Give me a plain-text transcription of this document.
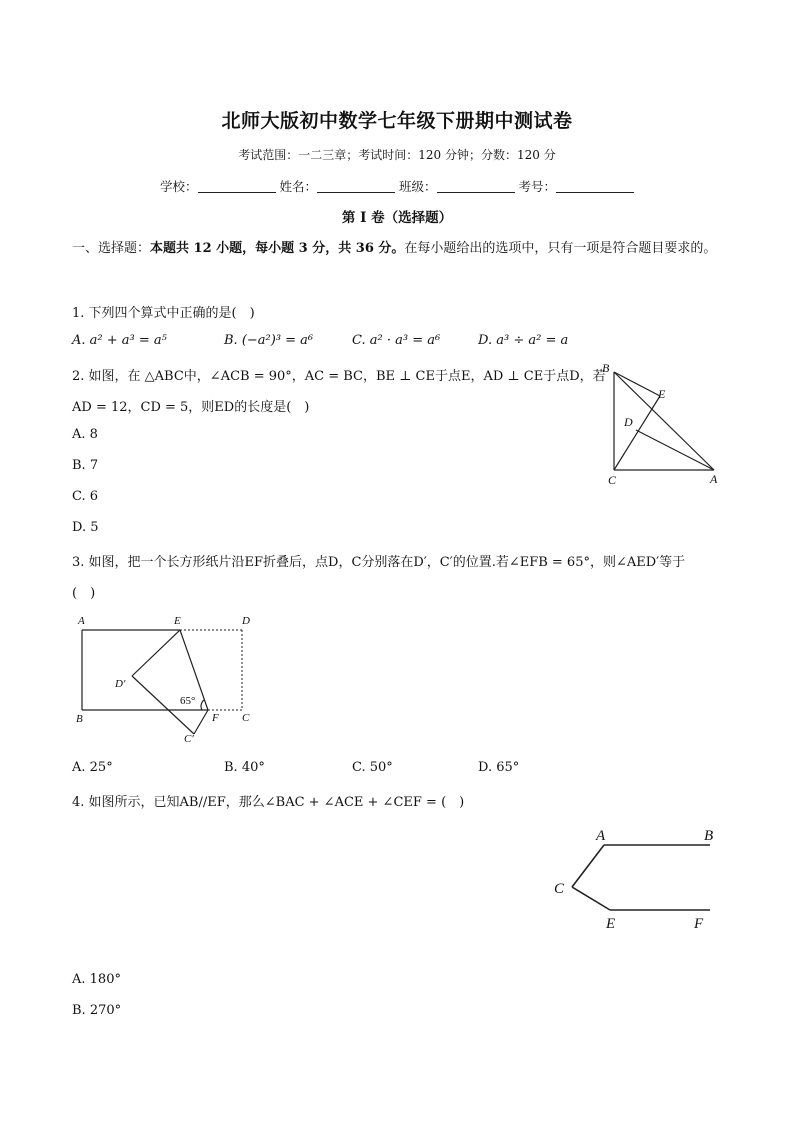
北师大版初中数学七年级下册期中测试卷
考试范围：一二三章；考试时间：120 分钟；分数：120 分
学校：	姓名：	班级：	考号：
第 I 卷（选择题）
一、选择题：本题共 12 小题，每小题 3 分，共 36 分。在每小题给出的选项中，只有一项是符合题目要求的。
1. 下列四个算式中正确的是(　)
A. a² + a³ = a⁵	B. (−a²)³ = a⁶	C. a² · a³ = a⁶	D. a³ ÷ a² = a
2. 如图，在 △ABC中，∠ACB = 90°，AC = BC，BE ⊥ CE于点E，AD ⊥ CE于点D，若
AD = 12，CD = 5，则ED的长度是(　)
A. 8
B. 7
C. 6
D. 5
B
E
D
C	A
3. 如图，把一个长方形纸片沿EF折叠后，点D，C分别落在D′，C′的位置.若∠EFB = 65°，则∠AED′等于
(　)
A	E	D
D′
B	F C
C′
65°
A. 25°	B. 40°	C. 50°	D. 65°
4. 如图所示，已知AB//EF，那么∠BAC + ∠ACE + ∠CEF = (　)
A	B
C
E	F
A. 180°
B. 270°
